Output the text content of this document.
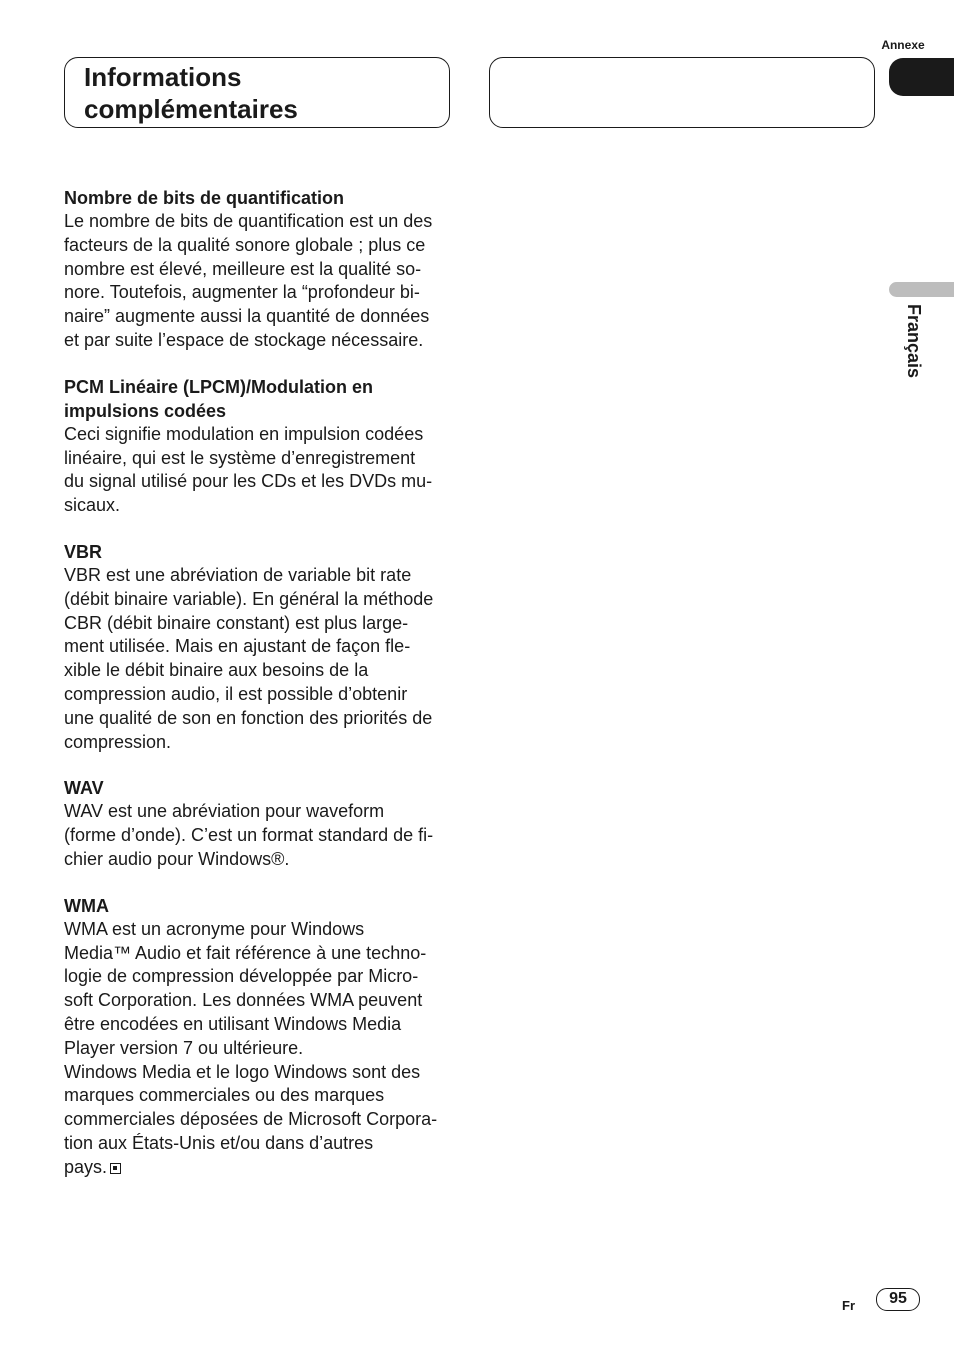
Annexe
Français
Informations
complémentaires

Nombre de bits de quantification

Le nombre de bits de quantification est un des
facteurs de la qualité sonore globale ; plus ce
nombre est élevé, meilleure est la qualité so-
nore. Toutefois, augmenter la “profondeur bi-
naire” augmente aussi la quantité de données
et par suite l’espace de stockage nécessaire.

PCM Linéaire (LPCM)/Modulation en
impulsions codées

Ceci signifie modulation en impulsion codées
linéaire, qui est le système d’enregistrement
du signal utilisé pour les CDs et les DVDs mu-
sicaux.

VBR

VBR est une abréviation de variable bit rate
(débit binaire variable). En général la méthode
CBR (débit binaire constant) est plus large-
ment utilisée. Mais en ajustant de façon fle-
xible le débit binaire aux besoins de la
compression audio, il est possible d’obtenir
une qualité de son en fonction des priorités de
compression.

WAV

WAV est une abréviation pour waveform
(forme d’onde). C’est un format standard de fi-
chier audio pour Windows®.

WMA

WMA est un acronyme pour Windows
Media™ Audio et fait référence à une techno-
logie de compression développée par Micro-
soft Corporation. Les données WMA peuvent
être encodées en utilisant Windows Media
Player version 7 ou ultérieure.
Windows Media et le logo Windows sont des
marques commerciales ou des marques
commerciales déposées de Microsoft Corpora-
tion aux États-Unis et/ou dans d’autres
pays.

Fr	95
